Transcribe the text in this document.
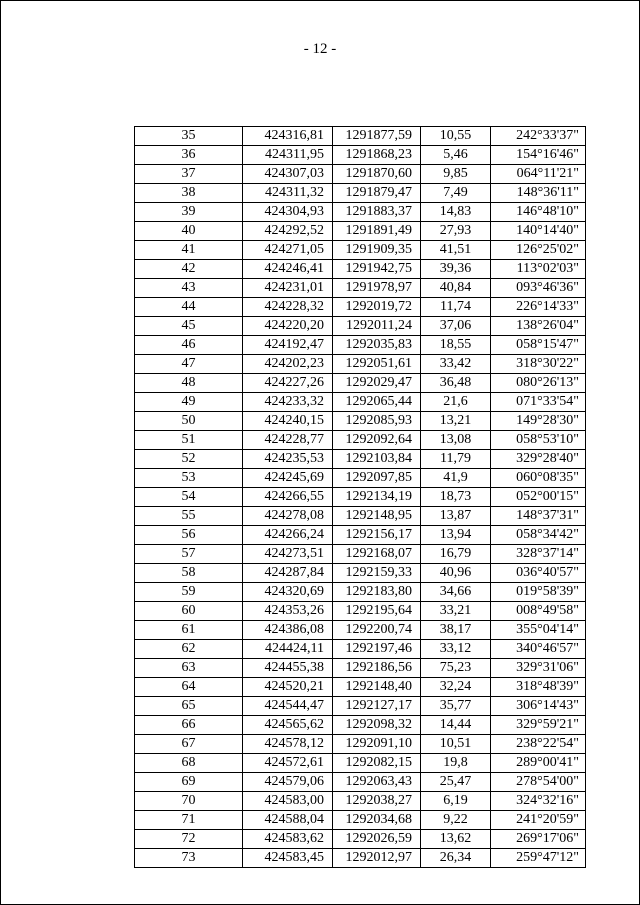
- 12 -
35	424316,81	1291877,59	10,55	242°33'37"
36	424311,95	1291868,23	5,46	154°16'46"
37	424307,03	1291870,60	9,85	064°11'21"
38	424311,32	1291879,47	7,49	148°36'11"
39	424304,93	1291883,37	14,83	146°48'10"
40	424292,52	1291891,49	27,93	140°14'40"
41	424271,05	1291909,35	41,51	126°25'02"
42	424246,41	1291942,75	39,36	113°02'03"
43	424231,01	1291978,97	40,84	093°46'36"
44	424228,32	1292019,72	11,74	226°14'33"
45	424220,20	1292011,24	37,06	138°26'04"
46	424192,47	1292035,83	18,55	058°15'47"
47	424202,23	1292051,61	33,42	318°30'22"
48	424227,26	1292029,47	36,48	080°26'13"
49	424233,32	1292065,44	21,6	071°33'54"
50	424240,15	1292085,93	13,21	149°28'30"
51	424228,77	1292092,64	13,08	058°53'10"
52	424235,53	1292103,84	11,79	329°28'40"
53	424245,69	1292097,85	41,9	060°08'35"
54	424266,55	1292134,19	18,73	052°00'15"
55	424278,08	1292148,95	13,87	148°37'31"
56	424266,24	1292156,17	13,94	058°34'42"
57	424273,51	1292168,07	16,79	328°37'14"
58	424287,84	1292159,33	40,96	036°40'57"
59	424320,69	1292183,80	34,66	019°58'39"
60	424353,26	1292195,64	33,21	008°49'58"
61	424386,08	1292200,74	38,17	355°04'14"
62	424424,11	1292197,46	33,12	340°46'57"
63	424455,38	1292186,56	75,23	329°31'06"
64	424520,21	1292148,40	32,24	318°48'39"
65	424544,47	1292127,17	35,77	306°14'43"
66	424565,62	1292098,32	14,44	329°59'21"
67	424578,12	1292091,10	10,51	238°22'54"
68	424572,61	1292082,15	19,8	289°00'41"
69	424579,06	1292063,43	25,47	278°54'00"
70	424583,00	1292038,27	6,19	324°32'16"
71	424588,04	1292034,68	9,22	241°20'59"
72	424583,62	1292026,59	13,62	269°17'06"
73	424583,45	1292012,97	26,34	259°47'12"
